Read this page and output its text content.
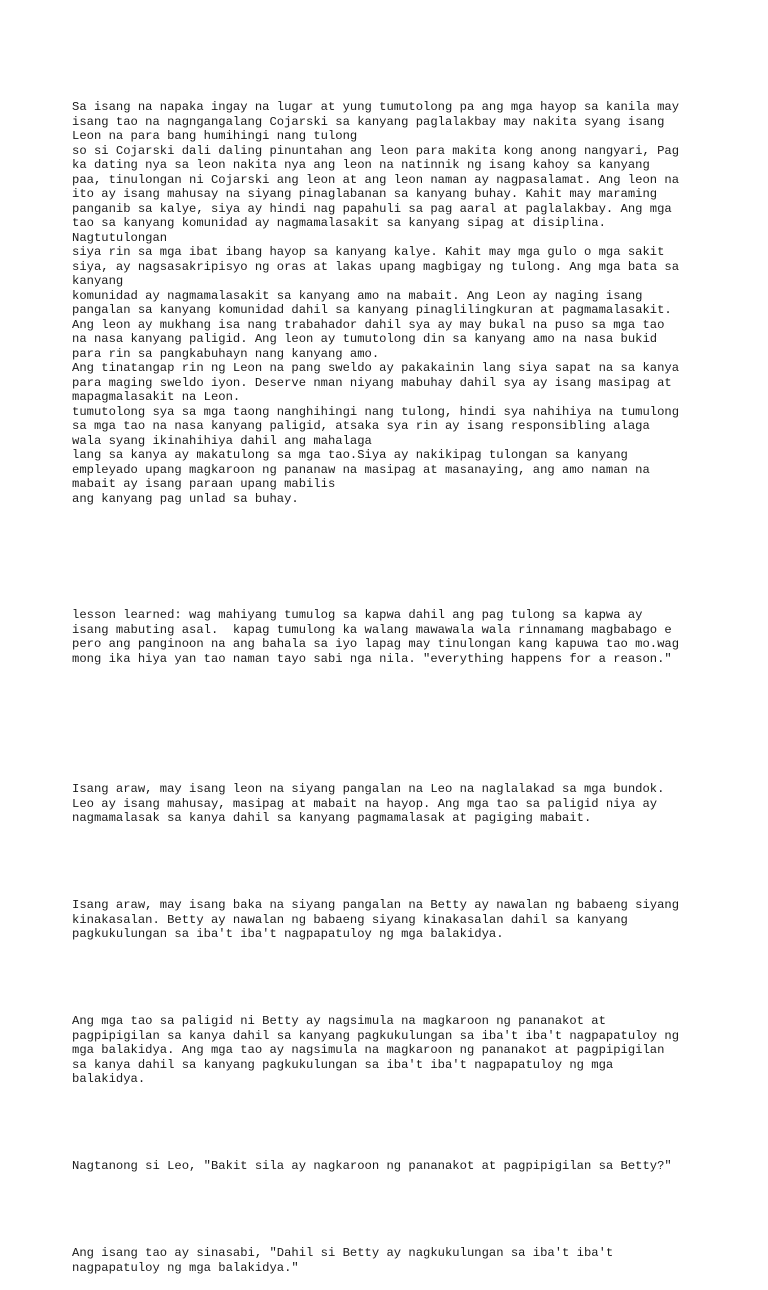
Sa isang na napaka ingay na lugar at yung tumutolong pa ang mga hayop sa kanila may
isang tao na nagngangalang Cojarski sa kanyang paglalakbay may nakita syang isang
Leon na para bang humihingi nang tulong
so si Cojarski dali daling pinuntahan ang leon para makita kong anong nangyari, Pag
ka dating nya sa leon nakita nya ang leon na natinnik ng isang kahoy sa kanyang
paa, tinulongan ni Cojarski ang leon at ang leon naman ay nagpasalamat. Ang leon na
ito ay isang mahusay na siyang pinaglabanan sa kanyang buhay. Kahit may maraming
panganib sa kalye, siya ay hindi nag papahuli sa pag aaral at paglalakbay. Ang mga
tao sa kanyang komunidad ay nagmamalasakit sa kanyang sipag at disiplina.
Nagtutulongan
siya rin sa mga ibat ibang hayop sa kanyang kalye. Kahit may mga gulo o mga sakit
siya, ay nagsasakripisyo ng oras at lakas upang magbigay ng tulong. Ang mga bata sa
kanyang
komunidad ay nagmamalasakit sa kanyang amo na mabait. Ang Leon ay naging isang
pangalan sa kanyang komunidad dahil sa kanyang pinaglilingkuran at pagmamalasakit.
Ang leon ay mukhang isa nang trabahador dahil sya ay may bukal na puso sa mga tao
na nasa kanyang paligid. Ang leon ay tumutolong din sa kanyang amo na nasa bukid
para rin sa pangkabuhayn nang kanyang amo.
Ang tinatangap rin ng Leon na pang sweldo ay pakakainin lang siya sapat na sa kanya
para maging sweldo iyon. Deserve nman niyang mabuhay dahil sya ay isang masipag at
mapagmalasakit na Leon.
tumutolong sya sa mga taong nanghihingi nang tulong, hindi sya nahihiya na tumulong
sa mga tao na nasa kanyang paligid, atsaka sya rin ay isang responsibling alaga
wala syang ikinahihiya dahil ang mahalaga
lang sa kanya ay makatulong sa mga tao.Siya ay nakikipag tulongan sa kanyang
empleyado upang magkaroon ng pananaw na masipag at masanaying, ang amo naman na
mabait ay isang paraan upang mabilis
ang kanyang pag unlad sa buhay.

lesson learned: wag mahiyang tumulog sa kapwa dahil ang pag tulong sa kapwa ay
isang mabuting asal.  kapag tumulong ka walang mawawala wala rinnamang magbabago e
pero ang panginoon na ang bahala sa iyo lapag may tinulongan kang kapuwa tao mo.wag
mong ika hiya yan tao naman tayo sabi nga nila. "everything happens for a reason."

Isang araw, may isang leon na siyang pangalan na Leo na naglalakad sa mga bundok.
Leo ay isang mahusay, masipag at mabait na hayop. Ang mga tao sa paligid niya ay
nagmamalasak sa kanya dahil sa kanyang pagmamalasak at pagiging mabait.

Isang araw, may isang baka na siyang pangalan na Betty ay nawalan ng babaeng siyang
kinakasalan. Betty ay nawalan ng babaeng siyang kinakasalan dahil sa kanyang
pagkukulungan sa iba't iba't nagpapatuloy ng mga balakidya.

Ang mga tao sa paligid ni Betty ay nagsimula na magkaroon ng pananakot at
pagpipigilan sa kanya dahil sa kanyang pagkukulungan sa iba't iba't nagpapatuloy ng
mga balakidya. Ang mga tao ay nagsimula na magkaroon ng pananakot at pagpipigilan
sa kanya dahil sa kanyang pagkukulungan sa iba't iba't nagpapatuloy ng mga
balakidya.

Nagtanong si Leo, "Bakit sila ay nagkaroon ng pananakot at pagpipigilan sa Betty?"

Ang isang tao ay sinasabi, "Dahil si Betty ay nagkukulungan sa iba't iba't
nagpapatuloy ng mga balakidya."
